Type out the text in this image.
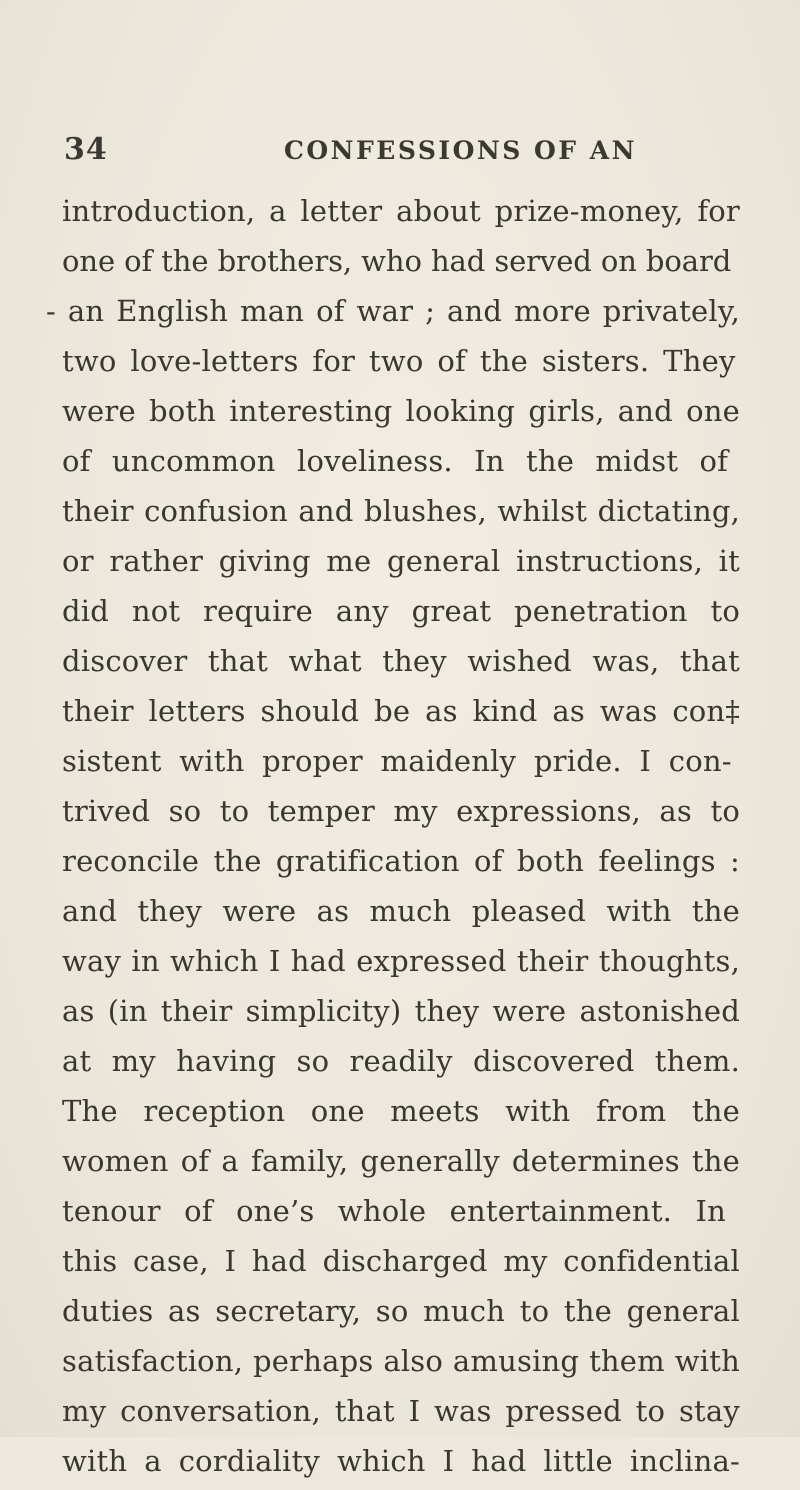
34	CONFESSIONS OF AN
introduction, a letter about prize-money, for
one of the brothers, who had served on board
- an English man of war ; and more privately,
two love-letters for two of the sisters. They
were both interesting looking girls, and one
of uncommon loveliness. In the midst of
their confusion and blushes, whilst dictating,
or rather giving me general instructions, it
did not require any great penetration to
discover that what they wished was, that
their letters should be as kind as was con‡
sistent with proper maidenly pride. I con-
trived so to temper my expressions, as to
reconcile the gratification of both feelings :
and they were as much pleased with the
way in which I had expressed their thoughts,
as (in their simplicity) they were astonished
at my having so readily discovered them.
The reception one meets with from the
women of a family, generally determines the
tenour of one’s whole entertainment. In
this case, I had discharged my confidential
duties as secretary, so much to the general
satisfaction, perhaps also amusing them with
my conversation, that I was pressed to stay
with a cordiality which I had little inclina-
